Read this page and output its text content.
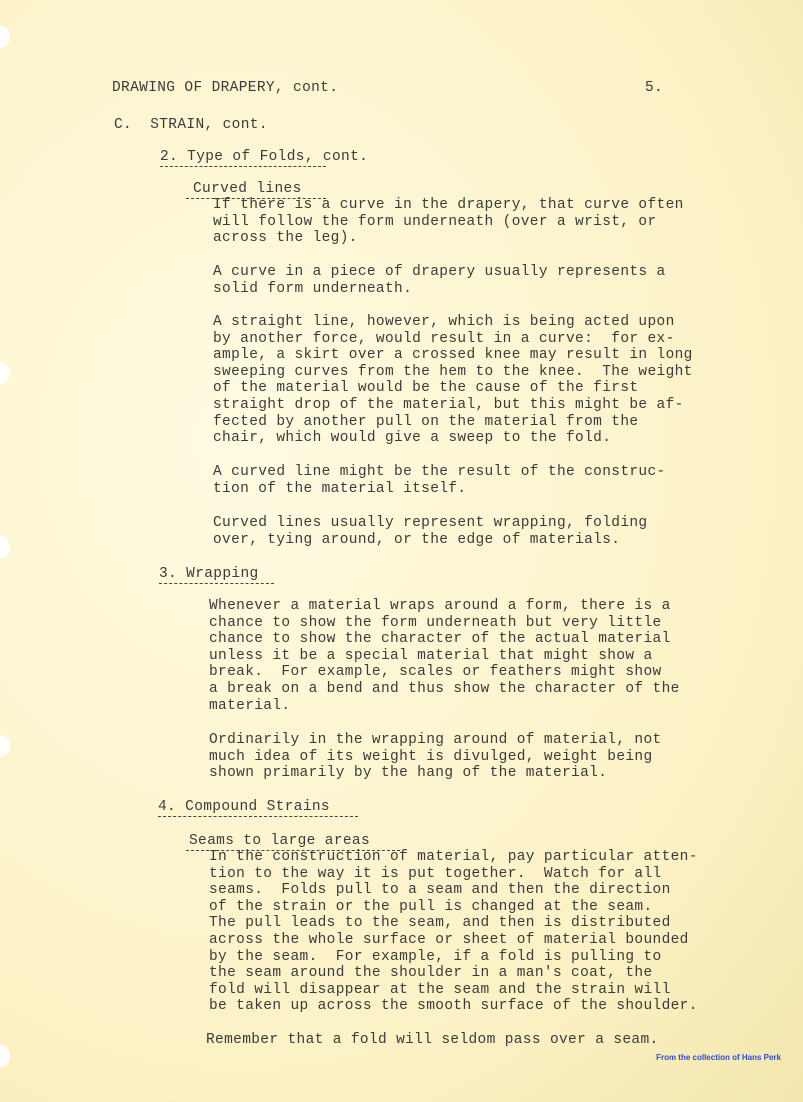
DRAWING OF DRAPERY, cont.	5.

C.  STRAIN, cont.

2. Type of Folds, cont.

Curved lines

If there is a curve in the drapery, that curve often
will follow the form underneath (over a wrist, or
across the leg).

A curve in a piece of drapery usually represents a
solid form underneath.

A straight line, however, which is being acted upon
by another force, would result in a curve:  for ex-
ample, a skirt over a crossed knee may result in long
sweeping curves from the hem to the knee.  The weight
of the material would be the cause of the first
straight drop of the material, but this might be af-
fected by another pull on the material from the
chair, which would give a sweep to the fold.

A curved line might be the result of the construc-
tion of the material itself.

Curved lines usually represent wrapping, folding
over, tying around, or the edge of materials.

3. Wrapping

Whenever a material wraps around a form, there is a
chance to show the form underneath but very little
chance to show the character of the actual material
unless it be a special material that might show a
break.  For example, scales or feathers might show
a break on a bend and thus show the character of the
material.

Ordinarily in the wrapping around of material, not
much idea of its weight is divulged, weight being
shown primarily by the hang of the material.

4. Compound Strains

Seams to large areas

In the construction of material, pay particular atten-
tion to the way it is put together.  Watch for all
seams.  Folds pull to a seam and then the direction
of the strain or the pull is changed at the seam.
The pull leads to the seam, and then is distributed
across the whole surface or sheet of material bounded
by the seam.  For example, if a fold is pulling to
the seam around the shoulder in a man's coat, the
fold will disappear at the seam and the strain will
be taken up across the smooth surface of the shoulder.

Remember that a fold will seldom pass over a seam.

From the collection of Hans Perk
